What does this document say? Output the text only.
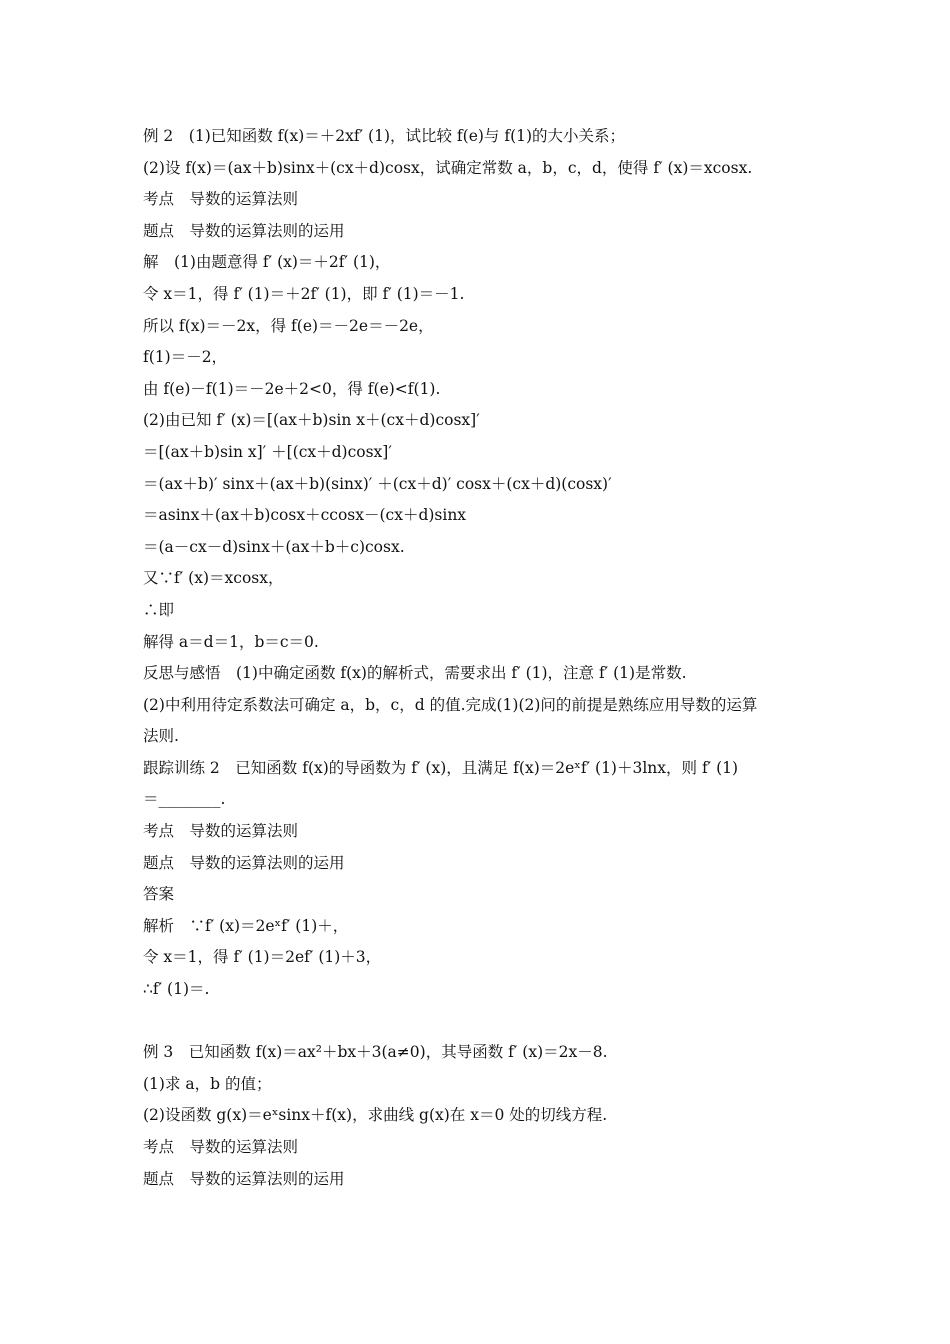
例 2　(1)已知函数 f(x)＝＋2xf′ (1)，试比较 f(e)与 f(1)的大小关系；
(2)设 f(x)＝(ax＋b)sinx＋(cx＋d)cosx，试确定常数 a，b，c，d，使得 f′ (x)＝xcosx.
考点　导数的运算法则
题点　导数的运算法则的运用
解　(1)由题意得 f′ (x)＝＋2f′ (1)，
令 x＝1，得 f′ (1)＝＋2f′ (1)，即 f′ (1)＝－1.
所以 f(x)＝－2x，得 f(e)＝－2e＝－2e，
f(1)＝－2，
由 f(e)－f(1)＝－2e＋2<0，得 f(e)<f(1).
(2)由已知 f′ (x)＝[(ax＋b)sin x＋(cx＋d)cosx]′
＝[(ax＋b)sin x]′ ＋[(cx＋d)cosx]′
＝(ax＋b)′ sinx＋(ax＋b)(sinx)′ ＋(cx＋d)′ cosx＋(cx＋d)(cosx)′
＝asinx＋(ax＋b)cosx＋ccosx－(cx＋d)sinx
＝(a－cx－d)sinx＋(ax＋b＋c)cosx.
又∵f′ (x)＝xcosx，
∴即
解得 a＝d＝1，b＝c＝0.
反思与感悟　(1)中确定函数 f(x)的解析式，需要求出 f′ (1)，注意 f′ (1)是常数.
(2)中利用待定系数法可确定 a，b，c，d 的值.完成(1)(2)问的前提是熟练应用导数的运算
法则.
跟踪训练 2　已知函数 f(x)的导函数为 f′ (x)，且满足 f(x)＝2eˣf′ (1)＋3lnx，则 f′ (1)
＝________.
考点　导数的运算法则
题点　导数的运算法则的运用
答案
解析　∵f′ (x)＝2eˣf′ (1)＋，
令 x＝1，得 f′ (1)＝2ef′ (1)＋3，
∴f′ (1)＝.
例 3　已知函数 f(x)＝ax²＋bx＋3(a≠0)，其导函数 f′ (x)＝2x－8.
(1)求 a，b 的值；
(2)设函数 g(x)＝eˣsinx＋f(x)，求曲线 g(x)在 x＝0 处的切线方程.
考点　导数的运算法则
题点　导数的运算法则的运用
